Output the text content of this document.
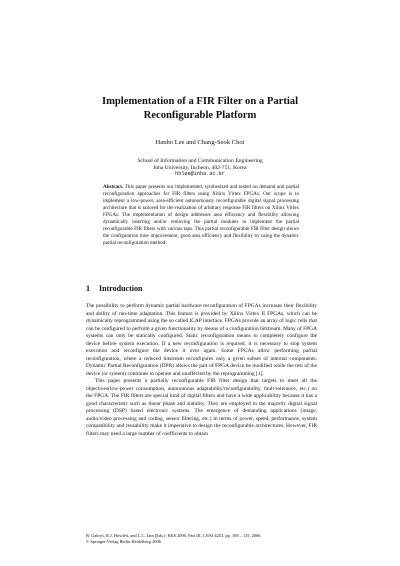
Implementation of a FIR Filter on a Partial
Reconfigurable Platform
Hanho Lee and Chang-Seok Choi
School of Information and Communication Engineering
Inha University, Incheon, 402-751, Korea
hhlee@inha.ac.kr
Abstract. This paper presents our implemented, synthesized and tested on demand and partial reconfiguration approaches for FIR filters using Xilinx Virtex FPGAs. Our scope is to implement a low-power, area-efficient autonomously reconfigurable digital signal processing architecture that is tailored for the realization of arbitrary response FIR filters on Xilinx Virtex FPGAs. The implementation of design addresses area efficiency and flexibility allowing dynamically inserting and/or removing the partial modules to implement the partial reconfigurable FIR filters with various taps. This partial reconfigurable FIR filter design shows the configuration time improvement, good area efficiency and flexibility by using the dynamic partial reconfiguration method.
1 Introduction

The possibility to perform dynamic partial hardware reconfiguration of FPGAs increases their flexibility and ability of run-time adaptation. This feature is provided by Xilinx Virtex II FPGAs, which can be dynamically reprogrammed using the so called ICAP interface. FPGAs provide an array of logic cells that can be configured to perform a given functionality by means of a configuration bitstream. Many of FPGA systems can only be statically configured. Static reconfiguration means to completely configure the device before system execution. If a new reconfiguration is required, it is necessary to stop system execution and reconfigure the device it over again. Some FPGAs allow performing partial reconfiguration, where a reduced bitstream reconfigures only a given subset of internal components. Dynamic Partial Reconfiguration (DPR) allows the part of FPGA device be modified while the rest of the device (or system) continues to operate and unaffected by the reprogramming [1].

This paper presents a partially reconfigurable FIR filter design that targets to meet all the objectives(low-power consumption, autonomous adaptability/reconfigurability, fault-tolerance, etc.) on the FPGA. The FIR filters are special kind of digital filters and have a wide applicability because it has a good characteristic such as linear phase and stability. They are employed in the majority digital signal processing (DSP) based electronic systems. The emergence of demanding applications (image, audio/video processing and coding, sensor filtering, etc.) in terms of power, speed, performance, system compatibility and reusability make it imperative to design the reconfigurable architectures. However, FIR filters may need a large number of coefficients to obtain

B. Gabrys, R.J. Howlett, and L.C. Jain (Eds.): KES 2006, Part III, LNAI 4253, pp. 108 – 115, 2006.
© Springer-Verlag Berlin Heidelberg 2006
